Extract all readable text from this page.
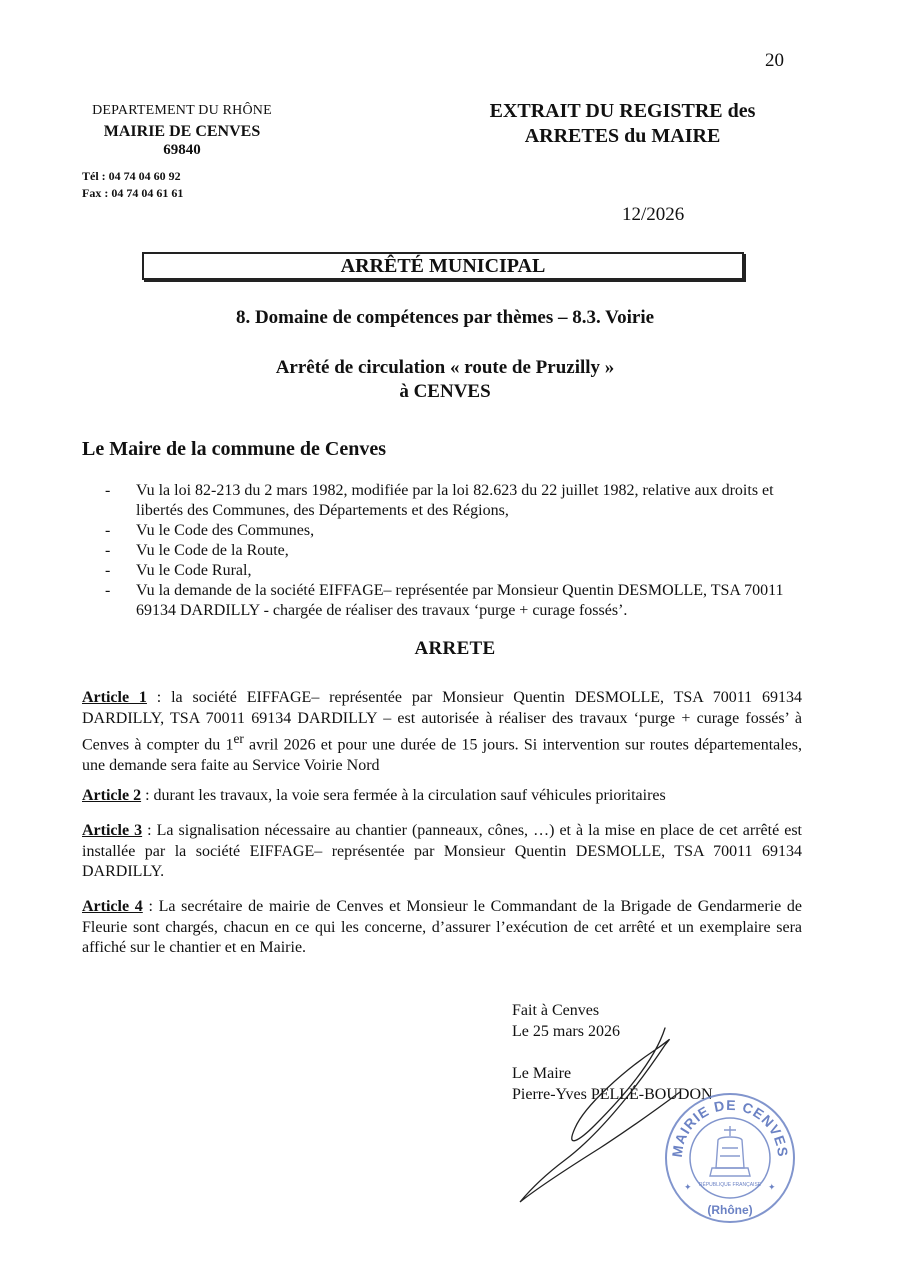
20
DEPARTEMENT DU RHÔNE
MAIRIE DE CENVES
69840
Tél : 04 74 04 60 92
Fax : 04 74 04 61 61
EXTRAIT DU REGISTRE des
ARRETES du MAIRE
12/2026
ARRÊTÉ MUNICIPAL
8. Domaine de compétences par thèmes – 8.3. Voirie
Arrêté de circulation « route de Pruzilly »
à CENVES
Le Maire de la commune de Cenves
- Vu la loi 82-213 du 2 mars 1982, modifiée par la loi 82.623 du 22 juillet 1982, relative aux droits et libertés des Communes, des Départements et des Régions,
- Vu le Code des Communes,
- Vu le Code de la Route,
- Vu le Code Rural,
- Vu la demande de la société EIFFAGE– représentée par Monsieur Quentin DESMOLLE, TSA 70011 69134 DARDILLY - chargée de réaliser des travaux ‘purge + curage fossés’.
ARRETE
Article 1 : la société EIFFAGE– représentée par Monsieur Quentin DESMOLLE, TSA 70011 69134 DARDILLY, TSA 70011 69134 DARDILLY – est autorisée à réaliser des travaux ‘purge + curage fossés’ à Cenves à compter du 1er avril 2026 et pour une durée de 15 jours. Si intervention sur routes départementales, une demande sera faite au Service Voirie Nord
Article 2 : durant les travaux, la voie sera fermée à la circulation sauf véhicules prioritaires
Article 3 : La signalisation nécessaire au chantier (panneaux, cônes, …) et à la mise en place de cet arrêté est installée par la société EIFFAGE– représentée par Monsieur Quentin DESMOLLE, TSA 70011 69134 DARDILLY.
Article 4 : La secrétaire de mairie de Cenves et Monsieur le Commandant de la Brigade de Gendarmerie de Fleurie sont chargés, chacun en ce qui les concerne, d’assurer l’exécution de cet arrêté et un exemplaire sera affiché sur le chantier et en Mairie.
Fait à Cenves
Le 25 mars 2026
Le Maire
Pierre-Yves PELLÉ-BOUDON
MAIRIE DE CENVES
RÉPUBLIQUE FRANÇAISE
✦	✦
(Rhône)
